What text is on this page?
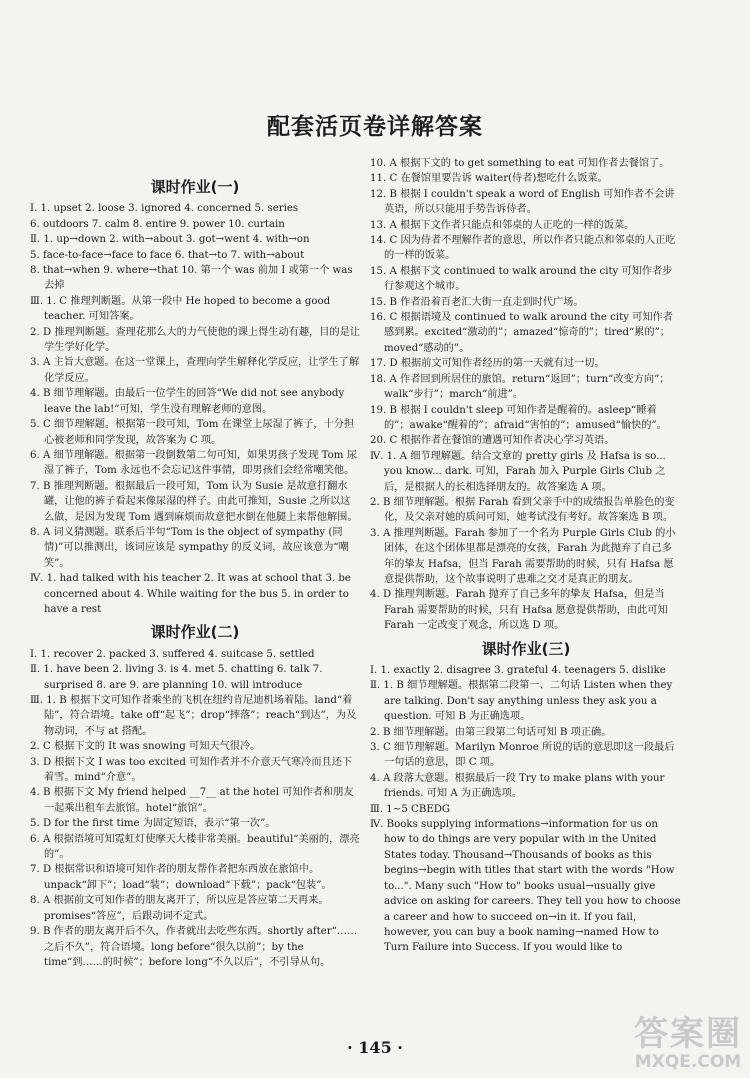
配套活页卷详解答案
课时作业(一)
Ⅰ. 1. upset 2. loose 3. ignored 4. concerned 5. series
6. outdoors 7. calm 8. entire 9. power 10. curtain
Ⅱ. 1. up→down 2. with→about 3. got→went 4. with→on
5. face-to-face→face to face 6. that→to 7. with→about
8. that→when 9. where→that 10. 第一个 was 前加 I 或第一个 was 去掉
Ⅲ. 1. C 推理判断题。从第一段中 He hoped to become a good teacher. 可知答案。
2. D 推理判断题。查理花那么大的力气使他的课上得生动有趣，目的是让学生学好化学。
3. A 主旨大意题。在这一堂课上，查理向学生解释化学反应，让学生了解化学反应。
4. B 细节理解题。由最后一位学生的回答“We did not see anybody leave the lab!”可知，学生没有理解老师的意图。
5. C 细节理解题。根据第一段可知，Tom 在课堂上尿湿了裤子，十分担心被老师和同学发现，故答案为 C 项。
6. A 细节理解题。根据第一段倒数第二句可知，如果男孩子发现 Tom 尿湿了裤子，Tom 永远也不会忘记这件事情，即男孩们会经常嘲笑他。
7. B 推理判断题。根据最后一段可知，Tom 认为 Susie 是故意打翻水罐，让他的裤子看起来像尿湿的样子。由此可推知，Susie 之所以这么做，是因为发现 Tom 遇到麻烦而故意把水倒在他腿上来帮他解围。
8. A 词义猜测题。联系后半句“Tom is the object of sympathy (同情)”可以推测出，该词应该是 sympathy 的反义词，故应该意为“嘲笑”。
Ⅳ. 1. had talked with his teacher 2. It was at school that 3. be concerned about 4. While waiting for the bus 5. in order to have a rest
课时作业(二)
Ⅰ. 1. recover 2. packed 3. suffered 4. suitcase 5. settled
Ⅱ. 1. have been 2. living 3. is 4. met 5. chatting 6. talk 7. surprised 8. are 9. are planning 10. will introduce
Ⅲ. 1. B 根据下文可知作者乘坐的飞机在纽约肯尼迪机场着陆。land“着陆”，符合语境。take off“起飞”；drop“摔落”；reach“到达”，为及物动词，不与 at 搭配。
2. C 根据下文的 It was snowing 可知天气很冷。
3. D 根据下文 I was too excited 可知作者并不介意天气寒冷而且还下着雪。mind“介意”。
4. B 根据下文 My friend helped __7__ at the hotel 可知作者和朋友一起乘出租车去旅馆。hotel“旅馆”。
5. D for the first time 为固定短语，表示“第一次”。
6. A 根据语境可知霓虹灯使摩天大楼非常美丽。beautiful“美丽的，漂亮的”。
7. D 根据常识和语境可知作者的朋友帮作者把东西放在旅馆中。unpack“卸下”；load“装”；download“下载”；pack“包装”。
8. A 根据前文可知作者的朋友离开了，所以应是答应第二天再来。promises“答应”，后跟动词不定式。
9. B 作者的朋友离开后不久，作者就出去吃些东西。shortly after“……之后不久”，符合语境。long before“很久以前”；by the time“到……的时候”；before long“不久以后”，不引导从句。
10. A 根据下文的 to get something to eat 可知作者去餐馆了。
11. C 在餐馆里要告诉 waiter(侍者)想吃什么饭菜。
12. B 根据 I couldn't speak a word of English 可知作者不会讲英语，所以只能用手势告诉侍者。
13. A 根据下文作者只能点和邻桌的人正吃的一样的饭菜。
14. C 因为侍者不理解作者的意思，所以作者只能点和邻桌的人正吃的一样的饭菜。
15. A 根据下文 continued to walk around the city 可知作者步行参观这个城市。
15. B 作者沿着百老汇大街一直走到时代广场。
16. C 根据语境及 continued to walk around the city 可知作者感到累。excited“激动的”；amazed“惊奇的”；tired“累的”；moved“感动的”。
17. D 根据前文可知作者经历的第一天就有过一切。
18. A 作者回到所居住的旅馆。return“返回”；turn“改变方向”；walk“步行”；march“前进”。
19. B 根据 I couldn't sleep 可知作者是醒着的。asleep“睡着的”；awake“醒着的”；afraid“害怕的”；amused“愉快的”。
20. C 根据作者在餐馆的遭遇可知作者决心学习英语。
Ⅳ. 1. A 细节理解题。结合文章的 pretty girls 及 Hafsa is so... you know... dark. 可知，Farah 加入 Purple Girls Club 之后，是根据人的长相选择朋友的。故答案选 A 项。
2. B 细节理解题。根据 Farah 看到父亲手中的成绩报告单脸色的变化，及父亲对她的质问可知，她考试没有考好。故答案选 B 项。
3. A 推理判断题。Farah 参加了一个名为 Purple Girls Club 的小团体，在这个团体里都是漂亮的女孩，Farah 为此抛弃了自己多年的挚友 Hafsa，但当 Farah 需要帮助的时候，只有 Hafsa 愿意提供帮助，这个故事说明了患难之交才是真正的朋友。
4. D 推理判断题。Farah 抛弃了自己多年的挚友 Hafsa，但是当 Farah 需要帮助的时候，只有 Hafsa 愿意提供帮助，由此可知 Farah 一定改变了观念，所以选 D 项。
课时作业(三)
Ⅰ. 1. exactly 2. disagree 3. grateful 4. teenagers 5. dislike
Ⅱ. 1. B 细节理解题。根据第二段第一、二句话 Listen when they are talking. Don't say anything unless they ask you a question. 可知 B 为正确选项。
2. B 细节理解题。由第三段第二句话可知 B 项正确。
3. C 细节理解题。Marilyn Monroe 所说的话的意思即这一段最后一句话的意思，即 C 项。
4. A 段落大意题。根据最后一段 Try to make plans with your friends. 可知 A 为正确选项。
Ⅲ. 1~5 CBEDG
Ⅳ. Books supplying informations→information for us on how to do things are very popular with in the United States today. Thousand→Thousands of books as this begins→begin with titles that start with the words "How to...". Many such "How to" books usual→usually give advice on asking for careers. They tell you how to choose a career and how to succeed on→in it. If you fail, however, you can buy a book naming→named How to Turn Failure into Success. If you would like to
· 145 ·	答案圈
MXQE.COM
